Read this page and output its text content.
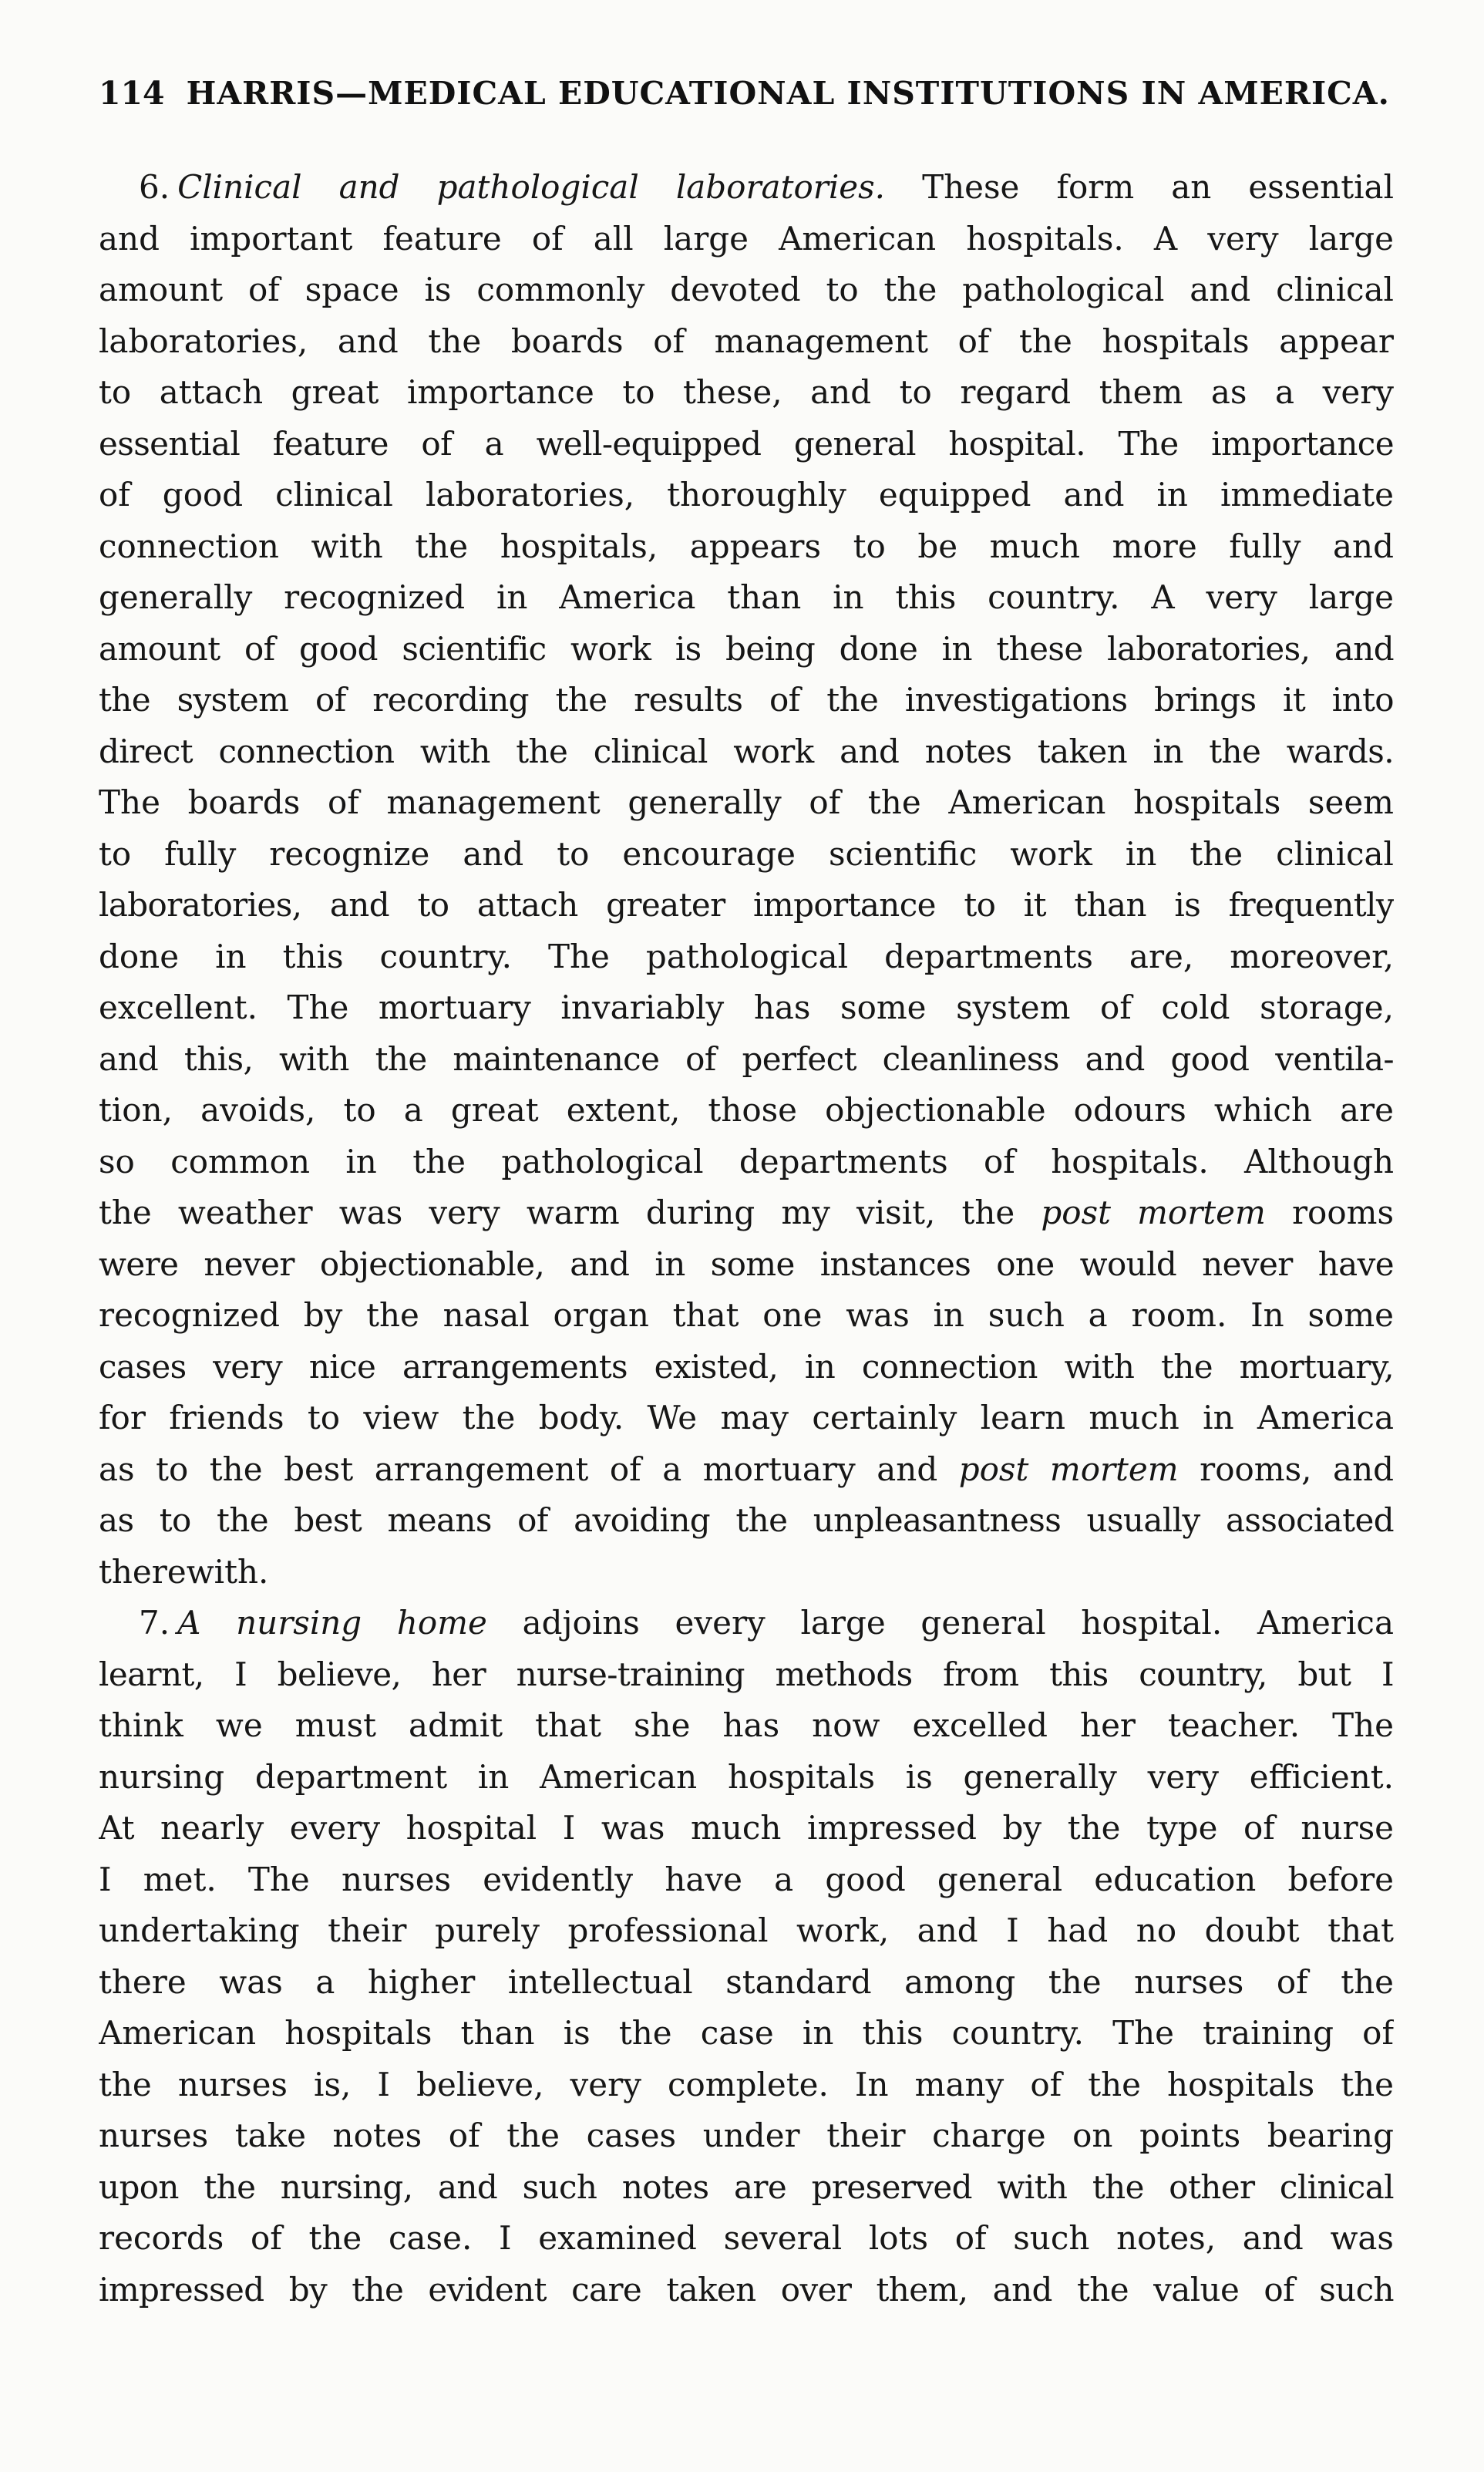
114 HARRIS—MEDICAL EDUCATIONAL INSTITUTIONS IN AMERICA.
6. Clinical and pathological laboratories. These form an essential
and important feature of all large American hospitals. A very large
amount of space is commonly devoted to the pathological and clinical
laboratories, and the boards of management of the hospitals appear
to attach great importance to these, and to regard them as a very
essential feature of a well-equipped general hospital. The importance
of good clinical laboratories, thoroughly equipped and in immediate
connection with the hospitals, appears to be much more fully and
generally recognized in America than in this country. A very large
amount of good scientific work is being done in these laboratories, and
the system of recording the results of the investigations brings it into
direct connection with the clinical work and notes taken in the wards.
The boards of management generally of the American hospitals seem
to fully recognize and to encourage scientific work in the clinical
laboratories, and to attach greater importance to it than is frequently
done in this country. The pathological departments are, moreover,
excellent. The mortuary invariably has some system of cold storage,
and this, with the maintenance of perfect cleanliness and good ventila-
tion, avoids, to a great extent, those objectionable odours which are
so common in the pathological departments of hospitals. Although
the weather was very warm during my visit, the post mortem rooms
were never objectionable, and in some instances one would never have
recognized by the nasal organ that one was in such a room. In some
cases very nice arrangements existed, in connection with the mortuary,
for friends to view the body. We may certainly learn much in America
as to the best arrangement of a mortuary and post mortem rooms, and
as to the best means of avoiding the unpleasantness usually associated
therewith.
7. A nursing home adjoins every large general hospital. America
learnt, I believe, her nurse-training methods from this country, but I
think we must admit that she has now excelled her teacher. The
nursing department in American hospitals is generally very efficient.
At nearly every hospital I was much impressed by the type of nurse
I met. The nurses evidently have a good general education before
undertaking their purely professional work, and I had no doubt that
there was a higher intellectual standard among the nurses of the
American hospitals than is the case in this country. The training of
the nurses is, I believe, very complete. In many of the hospitals the
nurses take notes of the cases under their charge on points bearing
upon the nursing, and such notes are preserved with the other clinical
records of the case. I examined several lots of such notes, and was
impressed by the evident care taken over them, and the value of such
